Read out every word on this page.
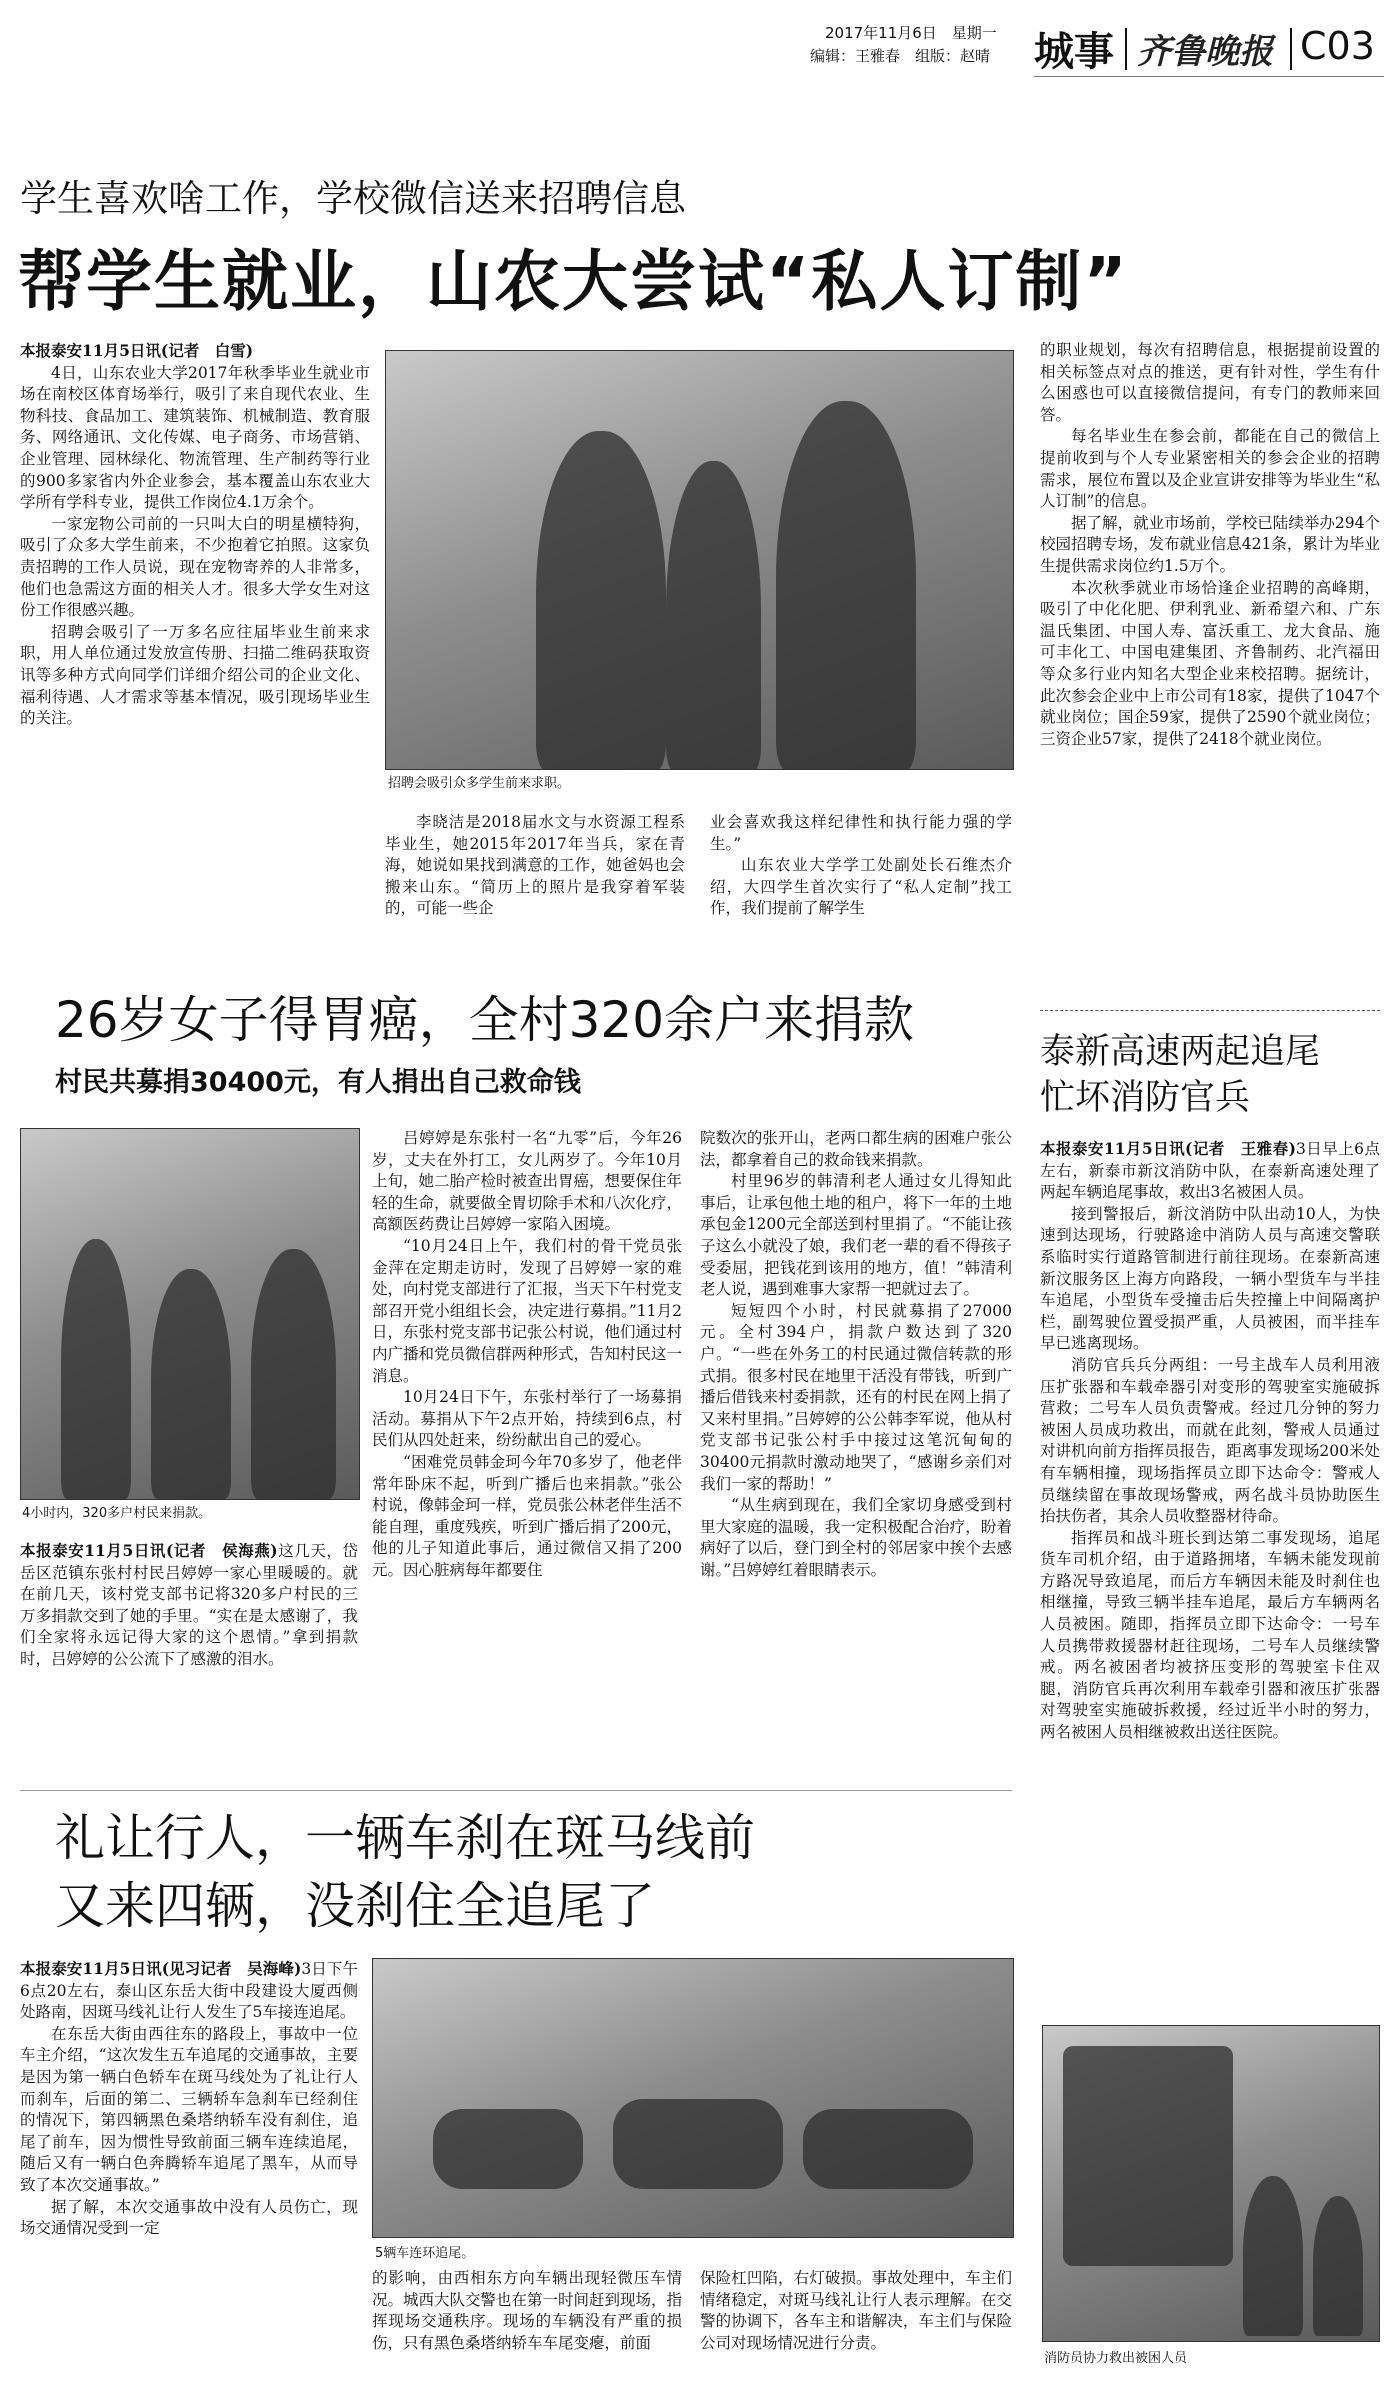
2017年11月6日　星期一
编辑：王雅春　组版：赵晴 城事 齐鲁晚报 C03
学生喜欢啥工作，学校微信送来招聘信息
帮学生就业，山农大尝试“私人订制”

本报泰安11月5日讯(记者　白雪)

4日，山东农业大学2017年秋季毕业生就业市场在南校区体育场举行，吸引了来自现代农业、生物科技、食品加工、建筑装饰、机械制造、教育服务、网络通讯、文化传媒、电子商务、市场营销、企业管理、园林绿化、物流管理、生产制药等行业的900多家省内外企业参会，基本覆盖山东农业大学所有学科专业，提供工作岗位4.1万余个。

一家宠物公司前的一只叫大白的明星横特狗，吸引了众多大学生前来，不少抱着它拍照。这家负责招聘的工作人员说，现在宠物寄养的人非常多，他们也急需这方面的相关人才。很多大学女生对这份工作很感兴趣。

招聘会吸引了一万多名应往届毕业生前来求职，用人单位通过发放宣传册、扫描二维码获取资讯等多种方式向同学们详细介绍公司的企业文化、福利待遇、人才需求等基本情况，吸引现场毕业生的关注。

招聘会吸引众多学生前来求职。

李晓洁是2018届水文与水资源工程系毕业生，她2015年2017年当兵，家在青海，她说如果找到满意的工作，她爸妈也会搬来山东。“简历上的照片是我穿着军装的，可能一些企

业会喜欢我这样纪律性和执行能力强的学生。”

山东农业大学学工处副处长石维杰介绍，大四学生首次实行了“私人定制”找工作，我们提前了解学生

的职业规划，每次有招聘信息，根据提前设置的相关标签点对点的推送，更有针对性，学生有什么困惑也可以直接微信提问，有专门的教师来回答。

每名毕业生在参会前，都能在自己的微信上提前收到与个人专业紧密相关的参会企业的招聘需求，展位布置以及企业宣讲安排等为毕业生“私人订制”的信息。

据了解，就业市场前，学校已陆续举办294个校园招聘专场，发布就业信息421条，累计为毕业生提供需求岗位约1.5万个。

本次秋季就业市场恰逢企业招聘的高峰期，吸引了中化化肥、伊利乳业、新希望六和、广东温氏集团、中国人寿、富沃重工、龙大食品、施可丰化工、中国电建集团、齐鲁制药、北汽福田等众多行业内知名大型企业来校招聘。据统计，此次参会企业中上市公司有18家，提供了1047个就业岗位；国企59家，提供了2590个就业岗位；三资企业57家，提供了2418个就业岗位。

26岁女子得胃癌，全村320余户来捐款
村民共募捐30400元，有人捐出自己救命钱
4小时内，320多户村民来捐款。

本报泰安11月5日讯(记者　侯海燕)这几天，岱岳区范镇东张村村民吕婷婷一家心里暖暖的。就在前几天，该村党支部书记将320多户村民的三万多捐款交到了她的手里。“实在是太感谢了，我们全家将永远记得大家的这个恩情。”拿到捐款时，吕婷婷的公公流下了感激的泪水。

吕婷婷是东张村一名“九零”后，今年26岁，丈夫在外打工，女儿两岁了。今年10月上旬，她二胎产检时被查出胃癌，想要保住年轻的生命，就要做全胃切除手术和八次化疗，高额医药费让吕婷婷一家陷入困境。

“10月24日上午，我们村的骨干党员张金萍在定期走访时，发现了吕婷婷一家的难处，向村党支部进行了汇报，当天下午村党支部召开党小组组长会，决定进行募捐。”11月2日，东张村党支部书记张公村说，他们通过村内广播和党员微信群两种形式，告知村民这一消息。

10月24日下午，东张村举行了一场募捐活动。募捐从下午2点开始，持续到6点，村民们从四处赶来，纷纷献出自己的爱心。

“困难党员韩金珂今年70多岁了，他老伴常年卧床不起，听到广播后也来捐款。”张公村说，像韩金珂一样，党员张公林老伴生活不能自理，重度残疾，听到广播后捐了200元，他的儿子知道此事后，通过微信又捐了200元。因心脏病每年都要住

院数次的张开山，老两口都生病的困难户张公法，都拿着自己的救命钱来捐款。

村里96岁的韩清利老人通过女儿得知此事后，让承包他土地的租户，将下一年的土地承包金1200元全部送到村里捐了。“不能让孩子这么小就没了娘，我们老一辈的看不得孩子受委屈，把钱花到该用的地方，值！”韩清利老人说，遇到难事大家帮一把就过去了。

短短四个小时，村民就募捐了27000元。全村394户，捐款户数达到了320户。“一些在外务工的村民通过微信转款的形式捐。很多村民在地里干活没有带钱，听到广播后借钱来村委捐款，还有的村民在网上捐了又来村里捐。”吕婷婷的公公韩李军说，他从村党支部书记张公村手中接过这笔沉甸甸的30400元捐款时激动地哭了，“感谢乡亲们对我们一家的帮助！”

“从生病到现在，我们全家切身感受到村里大家庭的温暖，我一定积极配合治疗，盼着病好了以后，登门到全村的邻居家中挨个去感谢。”吕婷婷红着眼睛表示。

泰新高速两起追尾
忙坏消防官兵

本报泰安11月5日讯(记者　王雅春)3日早上6点左右，新泰市新汶消防中队，在泰新高速处理了两起车辆追尾事故，救出3名被困人员。

接到警报后，新汶消防中队出动10人，为快速到达现场，行驶路途中消防人员与高速交警联系临时实行道路管制进行前往现场。在泰新高速新汶服务区上海方向路段，一辆小型货车与半挂车追尾，小型货车受撞击后失控撞上中间隔离护栏，副驾驶位置受损严重，人员被困，而半挂车早已逃离现场。

消防官兵兵分两组：一号主战车人员利用液压扩张器和车载牵器引对变形的驾驶室实施破拆营救；二号车人员负责警戒。经过几分钟的努力被困人员成功救出，而就在此刻，警戒人员通过对讲机向前方指挥员报告，距离事发现场200米处有车辆相撞，现场指挥员立即下达命令：警戒人员继续留在事故现场警戒，两名战斗员协助医生抬扶伤者，其余人员收整器材待命。

指挥员和战斗班长到达第二事发现场，追尾货车司机介绍，由于道路拥堵，车辆未能发现前方路况导致追尾，而后方车辆因未能及时刹住也相继撞，导致三辆半挂车追尾，最后方车辆两名人员被困。随即，指挥员立即下达命令：一号车人员携带救援器材赶往现场，二号车人员继续警戒。两名被困者均被挤压变形的驾驶室卡住双腿，消防官兵再次利用车载牵引器和液压扩张器对驾驶室实施破拆救援，经过近半小时的努力，两名被困人员相继被救出送往医院。

消防员协力救出被困人员
礼让行人，一辆车刹在斑马线前
又来四辆，没刹住全追尾了

本报泰安11月5日讯(见习记者　吴海峰)3日下午6点20左右，泰山区东岳大街中段建设大厦西侧处路南，因斑马线礼让行人发生了5车接连追尾。

在东岳大街由西往东的路段上，事故中一位车主介绍，“这次发生五车追尾的交通事故，主要是因为第一辆白色轿车在斑马线处为了礼让行人而刹车，后面的第二、三辆轿车急刹车已经刹住的情况下，第四辆黑色桑塔纳轿车没有刹住，追尾了前车，因为惯性导致前面三辆车连续追尾，随后又有一辆白色奔腾轿车追尾了黑车，从而导致了本次交通事故。”

据了解，本次交通事故中没有人员伤亡，现场交通情况受到一定

5辆车连环追尾。

的影响，由西相东方向车辆出现轻微压车情况。城西大队交警也在第一时间赶到现场，指挥现场交通秩序。现场的车辆没有严重的损伤，只有黑色桑塔纳轿车车尾变瘪，前面

保险杠凹陷，右灯破损。事故处理中，车主们情绪稳定，对斑马线礼让行人表示理解。在交警的协调下，各车主和谐解决，车主们与保险公司对现场情况进行分责。
